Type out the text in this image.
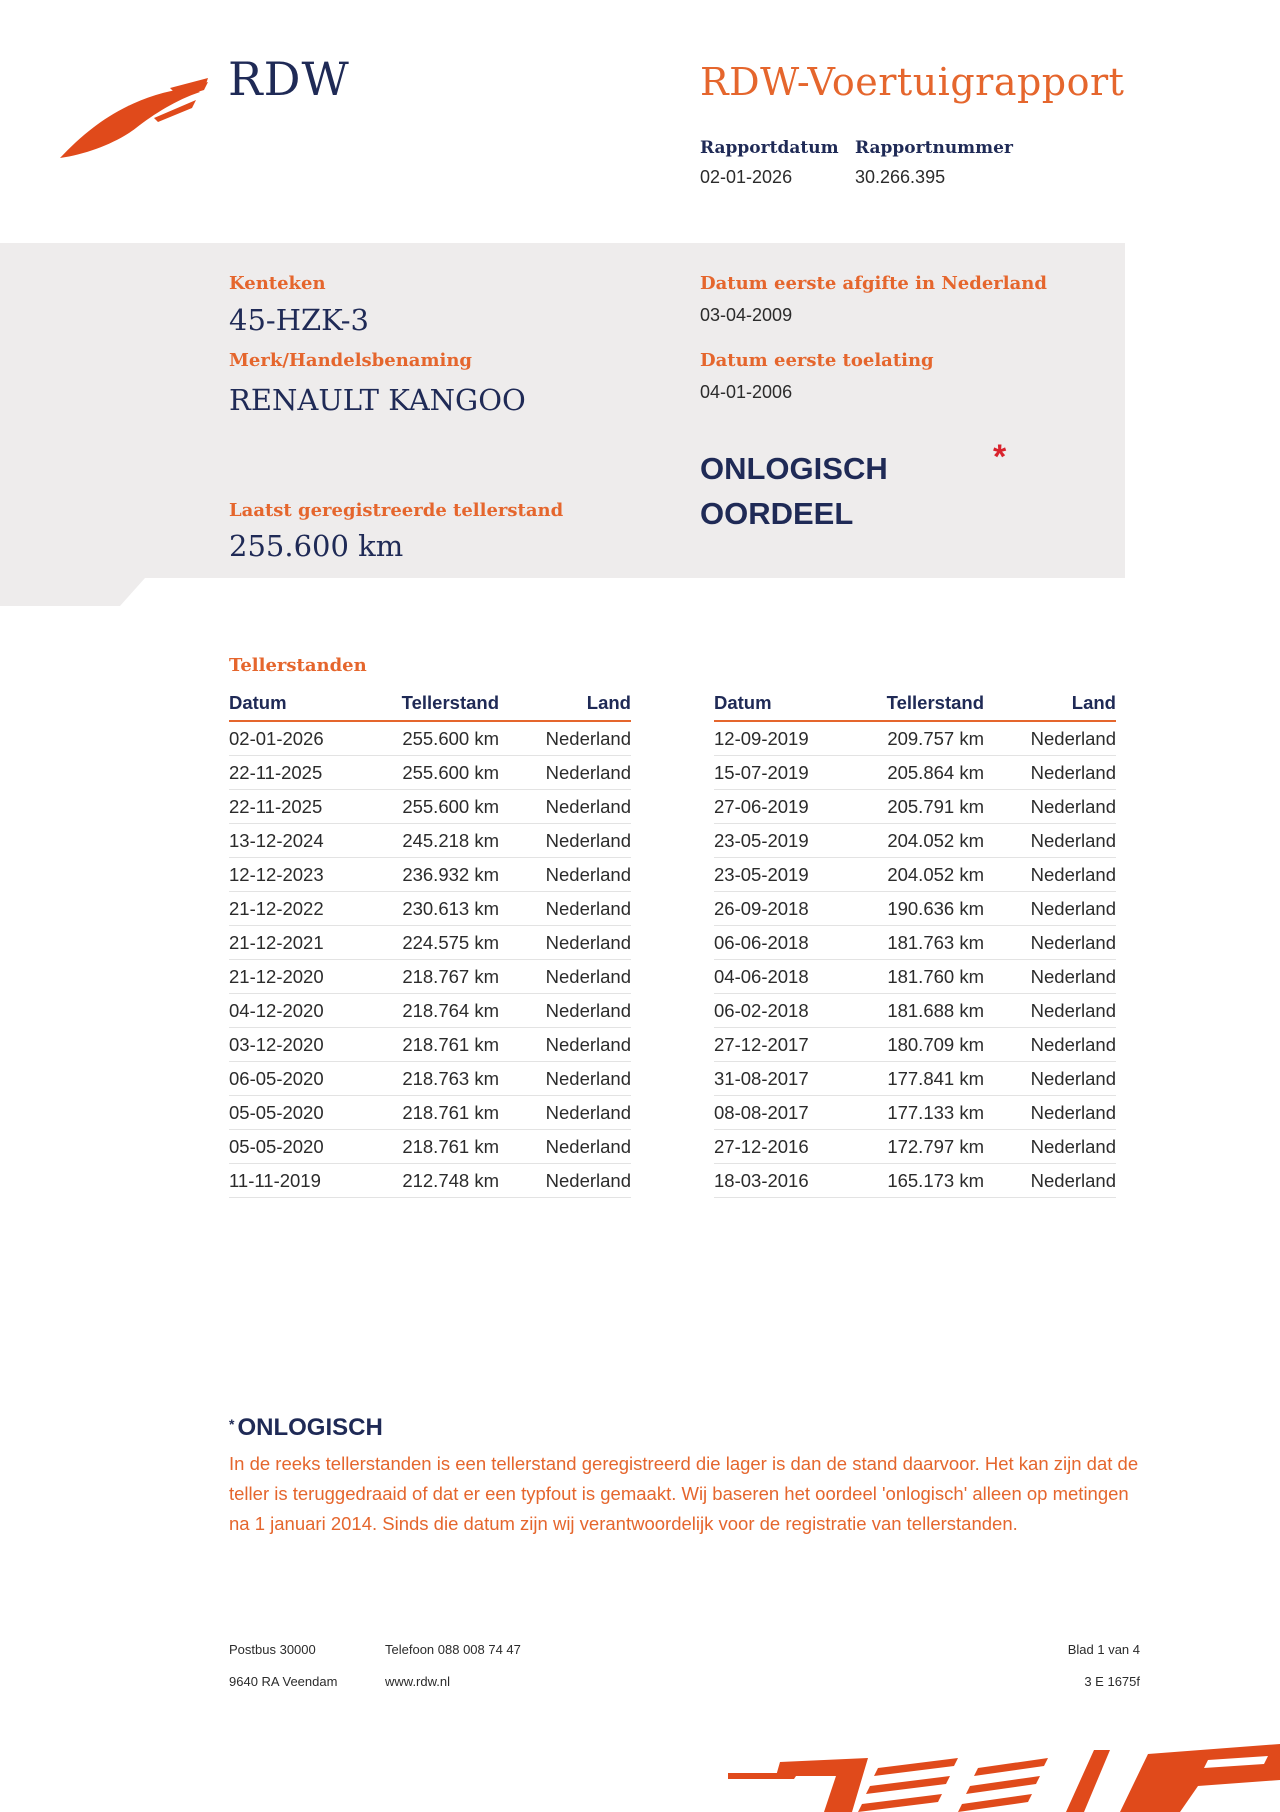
RDW	RDW-Voertuigrapport
Rapportdatum
02-01-2026
Rapportnummer
30.266.395
Kenteken
45-HZK-3
Merk/Handelsbenaming
RENAULT KANGOO
Datum eerste afgifte in Nederland
03-04-2009
Datum eerste toelating
04-01-2006
ONLOGISCH OORDEEL
*
Laatst geregistreerde tellerstand
255.600 km
Tellerstanden
Datum	Tellerstand	Land
02-01-2026	255.600 km	Nederland
22-11-2025	255.600 km	Nederland
22-11-2025	255.600 km	Nederland
13-12-2024	245.218 km	Nederland
12-12-2023	236.932 km	Nederland
21-12-2022	230.613 km	Nederland
21-12-2021	224.575 km	Nederland
21-12-2020	218.767 km	Nederland
04-12-2020	218.764 km	Nederland
03-12-2020	218.761 km	Nederland
06-05-2020	218.763 km	Nederland
05-05-2020	218.761 km	Nederland
05-05-2020	218.761 km	Nederland
11-11-2019	212.748 km	Nederland
Datum	Tellerstand	Land
12-09-2019	209.757 km	Nederland
15-07-2019	205.864 km	Nederland
27-06-2019	205.791 km	Nederland
23-05-2019	204.052 km	Nederland
23-05-2019	204.052 km	Nederland
26-09-2018	190.636 km	Nederland
06-06-2018	181.763 km	Nederland
04-06-2018	181.760 km	Nederland
06-02-2018	181.688 km	Nederland
27-12-2017	180.709 km	Nederland
31-08-2017	177.841 km	Nederland
08-08-2017	177.133 km	Nederland
27-12-2016	172.797 km	Nederland
18-03-2016	165.173 km	Nederland
* ONLOGISCH
In de reeks tellerstanden is een tellerstand geregistreerd die lager is dan de stand daarvoor. Het kan zijn dat de teller is teruggedraaid of dat er een typfout is gemaakt. Wij baseren het oordeel 'onlogisch' alleen op metingen na 1 januari 2014. Sinds die datum zijn wij verantwoordelijk voor de registratie van tellerstanden.
Postbus 30000
9640 RA Veendam
Telefoon 088 008 74 47
www.rdw.nl
Blad 1 van 4
3 E 1675f
